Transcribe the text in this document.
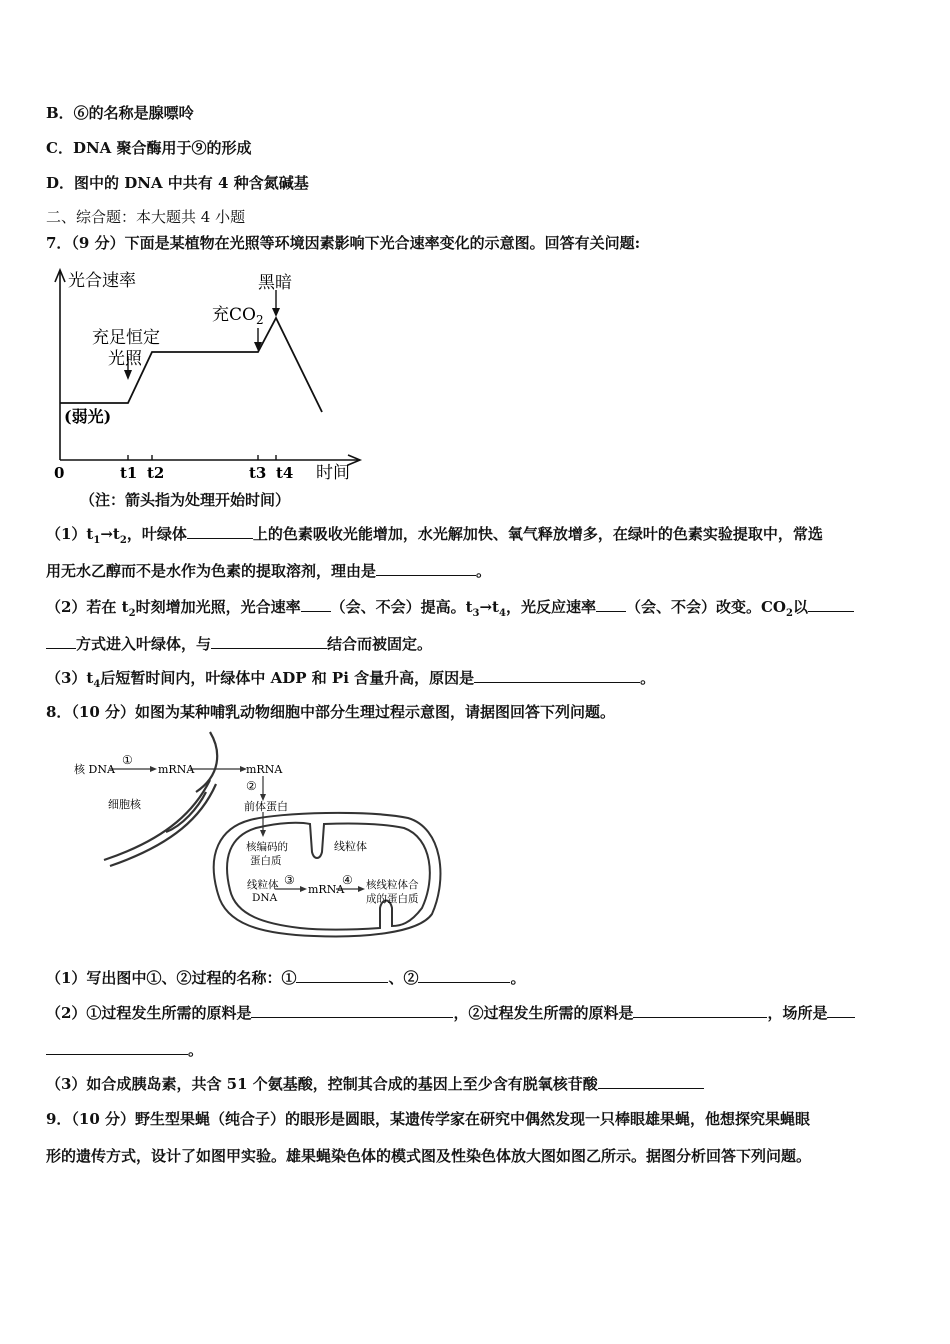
B．⑥的名称是腺嘌呤
C．DNA 聚合酶用于⑨的形成
D．图中的 DNA 中共有 4 种含氮碱基
二、综合题：本大题共 4 小题
7．（9 分）下面是某植物在光照等环境因素影响下光合速率变化的示意图。回答有关问题:
光合速率
0	t1 t2	t3 t4 时间
(弱光)
充足恒定
光照
充$CO_2$
黑暗
（注：箭头指为处理开始时间）
$(1)t_1\to t_2$，叶绿体	上的色素吸收光能增加，水光解加快、氧气释放增多，在绿叶的色素实验提取中，常选
用无水乙醇而不是水作为色素的提取溶剂，理由是	。
（2）若在 $t_2$时刻增加光照，光合速率 （会、不会）提高。$t_3\to t_4$，光反应速率 （会、不会）改变。$CO_2$以
方式进入叶绿体，与	结合而被固定。
$(3)t_4$后短暂时间内，叶绿体中 ADP 和 Pi 含量升高，原因是	。
8．（10 分）如图为某种哺乳动物细胞中部分生理过程示意图，请据图回答下列问题。
核 DNA
①
mRNA	mRNA
②
前体蛋白
细胞核
核编码的
蛋白质
线粒体
线粒体
DNA
③
mRNA
④ 核线粒体合
成的蛋白质
（1）写出图中①、②过程的名称：①	、②	。
（2）①过程发生所需的原料是	，②过程发生所需的原料是	，场所是
。
（3）如合成胰岛素，共含 51 个氨基酸，控制其合成的基因上至少含有脱氧核苷酸
9．（10 分）野生型果蝇（纯合子）的眼形是圆眼，某遗传学家在研究中偶然发现一只棒眼雄果蝇，他想探究果蝇眼
形的遗传方式，设计了如图甲实验。雄果蝇染色体的模式图及性染色体放大图如图乙所示。据图分析回答下列问题。
